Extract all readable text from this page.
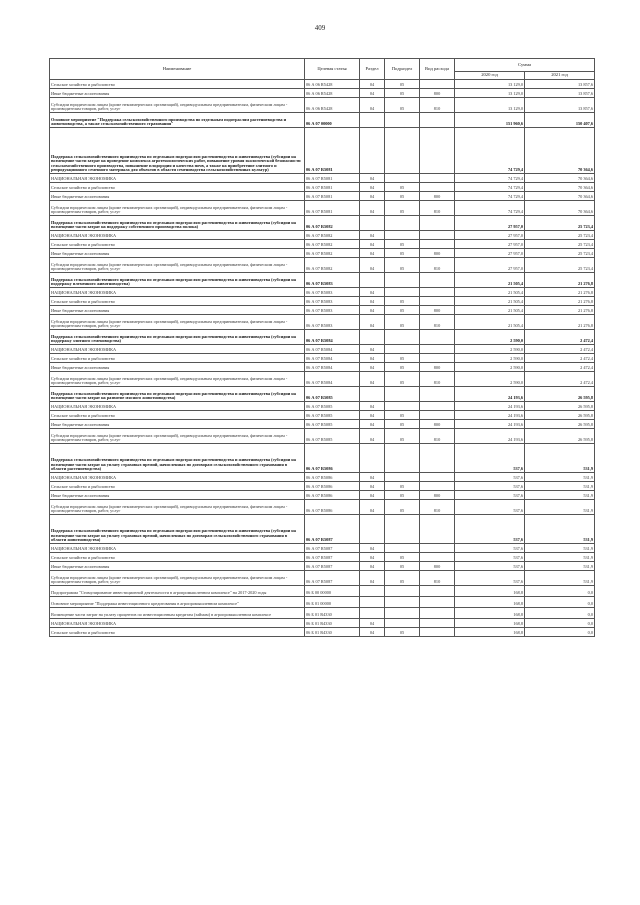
409
Наименование	Целевая статья	Раздел	Подраздел	Вид расхода	Сумма	
					2020 год	2021 год
Сельское хозяйство и рыболовство	06 А 06 R5428	04	05		13 129,0	13 857,6
Иные бюджетные ассигнования	06 А 06 R5428	04	05	800	13 129,0	13 857,6
Субсидии юридическим лицам (кроме некоммерческих организаций), индивидуальным предпринимателям, физическим лицам - производителям товаров, работ, услуг	06 А 06 R5428	04	05	810	13 129,0	13 857,6
Основное мероприятие "Поддержка сельскохозяйственного производства по отдельным подотраслям растениеводства и животноводства, а также сельскохозяйственного страхования"	06 А 07 00000				151 960,6	150 407,6
Поддержка сельскохозяйственного производства по отдельным подотраслям растениеводства и животноводства (субсидии на возмещение части затрат на проведение комплекса агротехнологических работ, повышение уровня экологической безопасности сельскохозяйственного производства, повышение плодородия и качества почв, а также на приобретение элитного и репродукционного семенного материала для объектов в области семеноводства сельскохозяйственных культур)	06 А 07 R5081				74 729,4	70 364,6
НАЦИОНАЛЬНАЯ ЭКОНОМИКА	06 А 07 R5081	04			74 729,4	70 364,6
Сельское хозяйство и рыболовство	06 А 07 R5081	04	05		74 729,4	70 364,6
Иные бюджетные ассигнования	06 А 07 R5081	04	05	800	74 729,4	70 364,6
Субсидии юридическим лицам (кроме некоммерческих организаций), индивидуальным предпринимателям, физическим лицам - производителям товаров, работ, услуг	06 А 07 R5081	04	05	810	74 729,4	70 364,6
Поддержка сельскохозяйственного производства по отдельным подотраслям растениеводства и животноводства (субсидии на возмещение части затрат на поддержку собственного производства молока)	06 А 07 R5082				27 957,0	25 723,4
НАЦИОНАЛЬНАЯ ЭКОНОМИКА	06 А 07 R5082	04			27 957,0	25 723,4
Сельское хозяйство и рыболовство	06 А 07 R5082	04	05		27 957,0	25 723,4
Иные бюджетные ассигнования	06 А 07 R5082	04	05	800	27 957,0	25 723,4
Субсидии юридическим лицам (кроме некоммерческих организаций), индивидуальным предпринимателям, физическим лицам - производителям товаров, работ, услуг	06 А 07 R5082	04	05	810	27 957,0	25 723,4
Поддержка сельскохозяйственного производства по отдельным подотраслям растениеводства и животноводства (субсидии на поддержку племенного животноводства)	06 А 07 R5083				21 505,4	21 276,8
НАЦИОНАЛЬНАЯ ЭКОНОМИКА	06 А 07 R5083	04			21 505,4	21 276,8
Сельское хозяйство и рыболовство	06 А 07 R5083	04	05		21 505,4	21 276,8
Иные бюджетные ассигнования	06 А 07 R5083	04	05	800	21 505,4	21 276,8
Субсидии юридическим лицам (кроме некоммерческих организаций), индивидуальным предпринимателям, физическим лицам - производителям товаров, работ, услуг	06 А 07 R5083	04	05	810	21 505,4	21 276,8
Поддержка сельскохозяйственного производства по отдельным подотраслям растениеводства и животноводства (субсидии на поддержку элитного семеноводства)	06 А 07 R5084				2 590,0	2 472,4
НАЦИОНАЛЬНАЯ ЭКОНОМИКА	06 А 07 R5084	04			2 590,0	2 472,4
Сельское хозяйство и рыболовство	06 А 07 R5084	04	05		2 590,0	2 472,4
Иные бюджетные ассигнования	06 А 07 R5084	04	05	800	2 590,0	2 472,4
Субсидии юридическим лицам (кроме некоммерческих организаций), индивидуальным предпринимателям, физическим лицам - производителям товаров, работ, услуг	06 А 07 R5084	04	05	810	2 590,0	2 472,4
Поддержка сельскохозяйственного производства по отдельным подотраслям растениеводства и животноводства (субсидии на возмещение части затрат на развитие мясного животноводства)	06 А 07 R5085				24 193,6	26 595,8
НАЦИОНАЛЬНАЯ ЭКОНОМИКА	06 А 07 R5085	04			24 193,6	26 595,8
Сельское хозяйство и рыболовство	06 А 07 R5085	04	05		24 193,6	26 595,8
Иные бюджетные ассигнования	06 А 07 R5085	04	05	800	24 193,6	26 595,8
Субсидии юридическим лицам (кроме некоммерческих организаций), индивидуальным предпринимателям, физическим лицам - производителям товаров, работ, услуг	06 А 07 R5085	04	05	810	24 193,6	26 595,8
Поддержка сельскохозяйственного производства по отдельным подотраслям растениеводства и животноводства (субсидии на возмещение части затрат на уплату страховых премий, начисленных по договорам сельскохозяйственного страхования в области растениеводства)	06 А 07 R5086				537,6	531,9
НАЦИОНАЛЬНАЯ ЭКОНОМИКА	06 А 07 R5086	04			537,6	531,9
Сельское хозяйство и рыболовство	06 А 07 R5086	04	05		537,6	531,9
Иные бюджетные ассигнования	06 А 07 R5086	04	05	800	537,6	531,9
Субсидии юридическим лицам (кроме некоммерческих организаций), индивидуальным предпринимателям, физическим лицам - производителям товаров, работ, услуг	06 А 07 R5086	04	05	810	537,6	531,9
Поддержка сельскохозяйственного производства по отдельным подотраслям растениеводства и животноводства (субсидии на возмещение части затрат на уплату страховых премий, начисленных по договорам сельскохозяйственного страхования в области животноводства)	06 А 07 R5087				537,6	531,9
НАЦИОНАЛЬНАЯ ЭКОНОМИКА	06 А 07 R5087	04			537,6	531,9
Сельское хозяйство и рыболовство	06 А 07 R5087	04	05		537,6	531,9
Иные бюджетные ассигнования	06 А 07 R5087	04	05	800	537,6	531,9
Субсидии юридическим лицам (кроме некоммерческих организаций), индивидуальным предпринимателям, физическим лицам - производителям товаров, работ, услуг	06 А 07 R5087	04	05	810	537,6	531,9
Подпрограмма "Стимулирование инвестиционной деятельности в агропромышленном комплексе" на 2017-2020 годы	06 Б 00 00000				168,8	0,0
Основное мероприятие "Поддержка инвестиционного кредитования в агропромышленном комплексе"	06 Б 01 00000				168,8	0,0
Возмещение части затрат на уплату процентов по инвестиционным кредитам (займам) в агропромышленном комплексе	06 Б 01 R4330				168,8	0,0
НАЦИОНАЛЬНАЯ ЭКОНОМИКА	06 Б 01 R4330	04			168,8	0,0
Сельское хозяйство и рыболовство	06 Б 01 R4330	04	05		168,8	0,0
